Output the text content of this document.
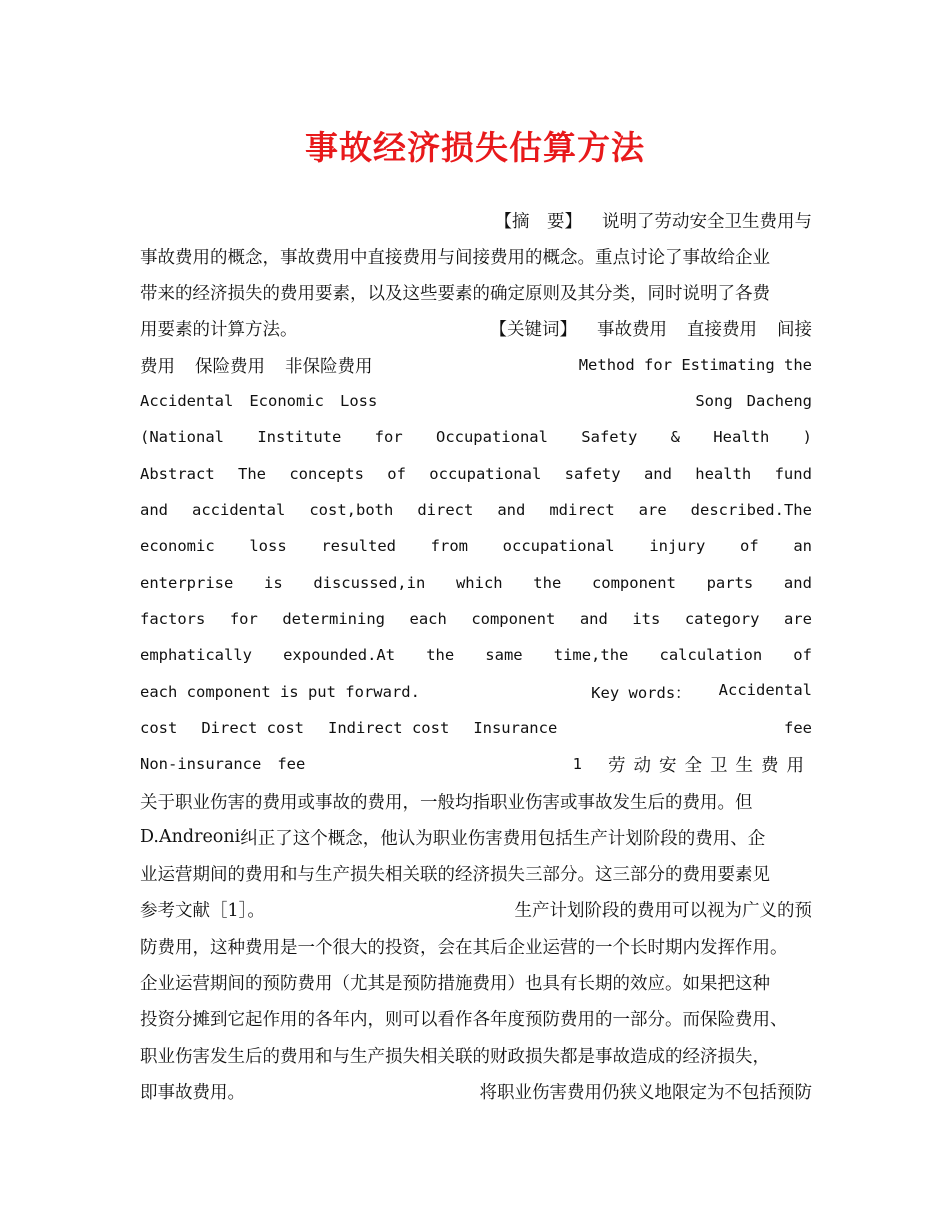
事故经济损失估算方法
【摘　要】 说明了劳动安全卫生费用与
事故费用的概念，事故费用中直接费用与间接费用的概念。重点讨论了事故给企业
带来的经济损失的费用要素，以及这些要素的确定原则及其分类，同时说明了各费
用要素的计算方法。	【关键词】 事故费用 直接费用 间接
费用 保险费用 非保险费用	Method for Estimating the
Accidental Economic Loss	Song Dacheng
(National Institute for Occupational Safety & Health )
Abstract The concepts of occupational safety and health fund
and accidental cost,both direct and mdirect are described.The
economic loss resulted from occupational injury of an
enterprise is discussed,in which the component parts and
factors for determining each component and its category are
emphatically expounded.At the same time,the calculation of
each component is put forward.	Key words： Accidental
cost Direct cost Indirect cost Insurance	fee
Non-insurance fee	1 劳动安全卫生费用
关于职业伤害的费用或事故的费用，一般均指职业伤害或事故发生后的费用。但
D.Andreoni 纠正了这个概念，他认为职业伤害费用包括生产计划阶段的费用、企
业运营期间的费用和与生产损失相关联的经济损失三部分。这三部分的费用要素见
参考文献［1］。	生产计划阶段的费用可以视为广义的预
防费用，这种费用是一个很大的投资，会在其后企业运营的一个长时期内发挥作用。
企业运营期间的预防费用（尤其是预防措施费用）也具有长期的效应。如果把这种
投资分摊到它起作用的各年内，则可以看作各年度预防费用的一部分。而保险费用、
职业伤害发生后的费用和与生产损失相关联的财政损失都是事故造成的经济损失，
即事故费用。	将职业伤害费用仍狭义地限定为不包括预防
